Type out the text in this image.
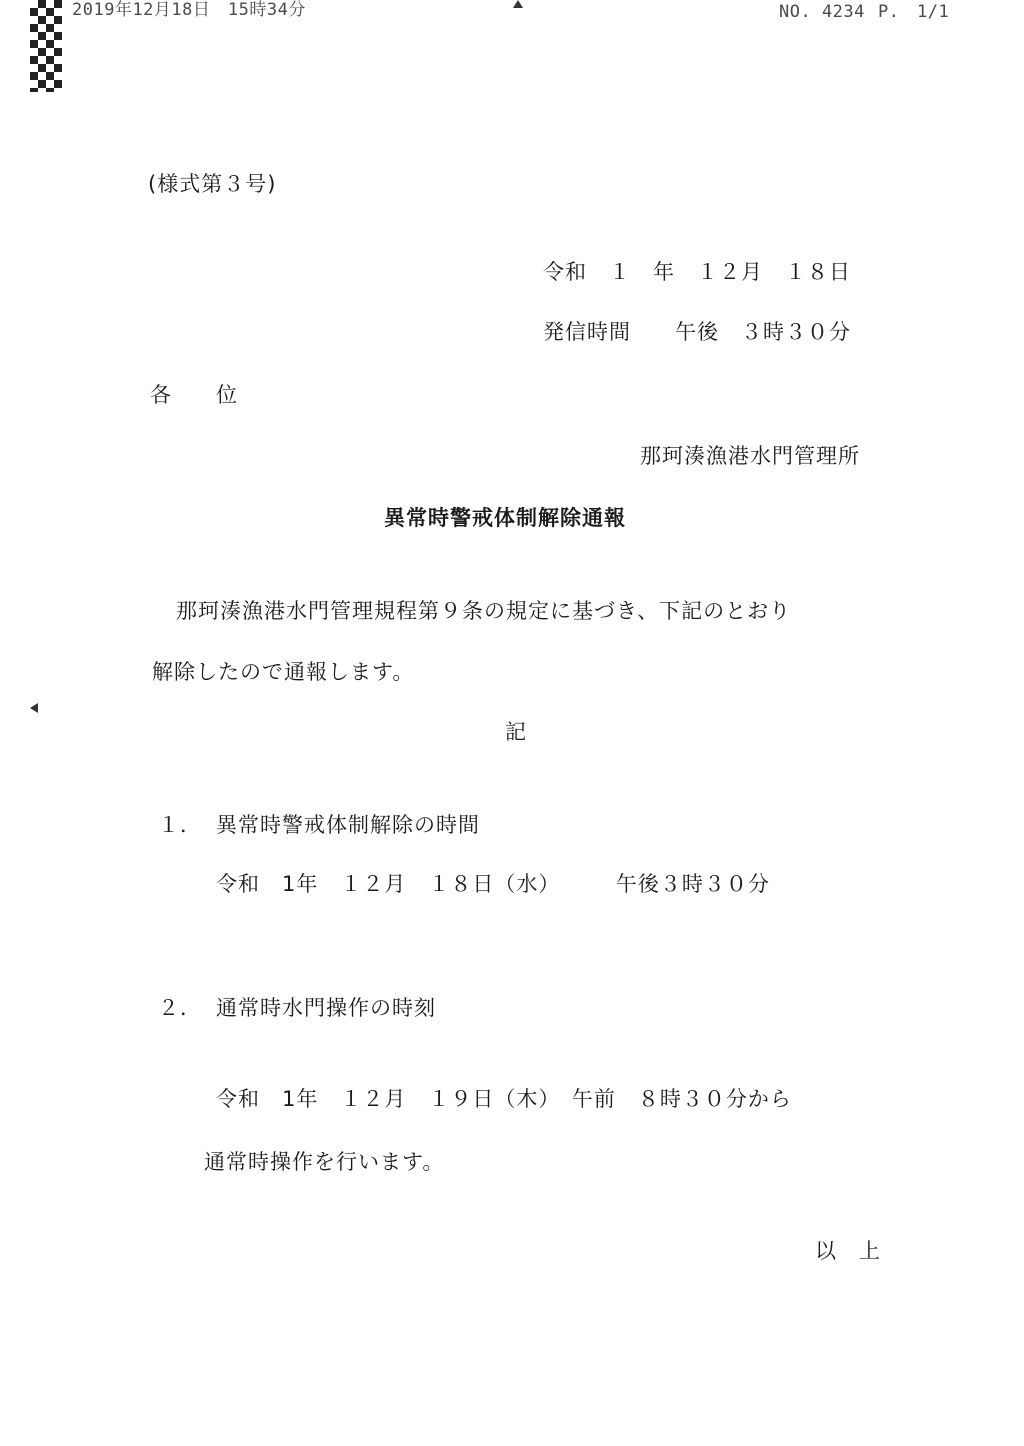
2019年12月18日　15時34分	NO. 4234 P.　1/1
(様式第３号)
令和　１　年　１２月　１８日
発信時間　　午後　３時３０分
各　　位
那珂湊漁港水門管理所
異常時警戒体制解除通報
那珂湊漁港水門管理規程第９条の規定に基づき、下記のとおり
解除したので通報します。
記
１． 異常時警戒体制解除の時間
令和　1年　１２月　１８日（水）　　　午後３時３０分
２． 通常時水門操作の時刻
令和　1年　１２月　１９日（木）　午前　８時３０分から
通常時操作を行います。
以　上
